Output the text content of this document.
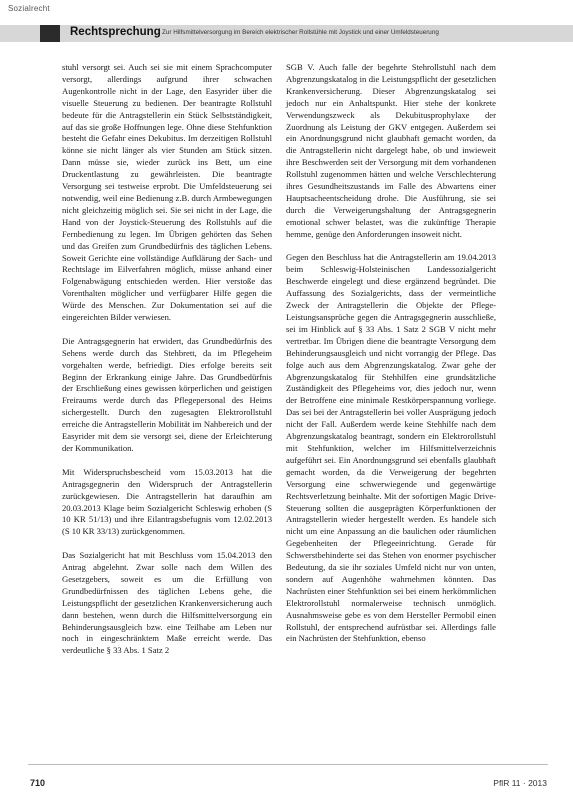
Sozialrecht
Rechtsprechung Zur Hilfsmittelversorgung im Bereich elektrischer Rollstühle mit Joystick und einer Umfeldsteuerung

stuhl versorgt sei. Auch sei sie mit einem Sprachcomputer versorgt, allerdings aufgrund ihrer schwachen Augenkontrolle nicht in der Lage, den Easyrider über die visuelle Steuerung zu bedienen. Der beantragte Rollstuhl bedeute für die Antragstellerin ein Stück Selbstständigkeit, auf das sie große Hoffnungen lege. Ohne diese Stehfunktion besteht die Gefahr eines Dekubitus. Im derzeitigen Rollstuhl könne sie nicht länger als vier Stunden am Stück sitzen. Dann müsse sie, wieder zurück ins Bett, um eine Druckentlastung zu gewährleisten. Die beantragte Versorgung sei testweise erprobt. Die Umfeldsteuerung sei notwendig, weil eine Bedienung z.B. durch Armbewegungen nicht gleichzeitig möglich sei. Sie sei nicht in der Lage, die Hand von der Joystick-Steuerung des Rollstuhls auf die Fernbedienung zu legen. Im Übrigen gehörten das Sehen und das Greifen zum Grundbedürfnis des täglichen Lebens. Soweit Gerichte eine vollständige Aufklärung der Sach- und Rechtslage im Eilverfahren möglich, müsse anhand einer Folgenabwägung entschieden werden. Hier verstoße das Vorenthalten möglicher und verfügbarer Hilfe gegen die Würde des Menschen. Zur Dokumentation sei auf die eingereichten Bilder verwiesen.

Die Antragsgegnerin hat erwidert, das Grundbedürfnis des Sehens werde durch das Stehbrett, da im Pflegeheim vorgehalten werde, befriedigt. Dies erfolge bereits seit Beginn der Erkrankung einige Jahre. Das Grundbedürfnis der Erschließung eines gewissen körperlichen und geistigen Freiraums werde durch das Pflegepersonal des Heims sichergestellt. Durch den zugesagten Elektrorollstuhl erreiche die Antragstellerin Mobilität im Nahbereich und der Easyrider mit dem sie versorgt sei, diene der Erleichterung der Kommunikation.

Mit Widerspruchsbescheid vom 15.03.2013 hat die Antragsgegnerin den Widerspruch der Antragstellerin zurückgewiesen. Die Antragstellerin hat daraufhin am 20.03.2013 Klage beim Sozialgericht Schleswig erhoben (S 10 KR 51/13) und ihre Eilantragsbefugnis vom 12.02.2013 (S 10 KR 33/13) zurückgenommen.

Das Sozialgericht hat mit Beschluss vom 15.04.2013 den Antrag abgelehnt. Zwar solle nach dem Willen des Gesetzgebers, soweit es um die Erfüllung von Grundbedürfnissen des täglichen Lebens gehe, die Leistungspflicht der gesetzlichen Krankenversicherung auch dann bestehen, wenn durch die Hilfsmittelversorgung ein Behinderungsausgleich bzw. eine Teilhabe am Leben nur noch in eingeschränktem Maße erreicht werde. Das verdeutliche § 33 Abs. 1 Satz 2

SGB V. Auch falle der begehrte Stehrollstuhl nach dem Abgrenzungskatalog in die Leistungspflicht der gesetzlichen Krankenversicherung. Dieser Abgrenzungskatalog sei jedoch nur ein Anhaltspunkt. Hier stehe der konkrete Verwendungszweck als Dekubitusprophylaxe der Zuordnung als Leistung der GKV entgegen. Außerdem sei ein Anordnungsgrund nicht glaubhaft gemacht worden, da die Antragstellerin nicht dargelegt habe, ob und inwieweit ihre Beschwerden seit der Versorgung mit dem vorhandenen Rollstuhl zugenommen hätten und welche Verschlechterung ihres Gesundheitszustands im Falle des Abwartens einer Hauptsacheentscheidung drohe. Die Ausführung, sie sei durch die Verweigerungshaltung der Antragsgegnerin emotional schwer belastet, was die zukünftige Therapie hemme, genüge den Anforderungen insoweit nicht.

Gegen den Beschluss hat die Antragstellerin am 19.04.2013 beim Schleswig-Holsteinischen Landessozialgericht Beschwerde eingelegt und diese ergänzend begründet. Die Auffassung des Sozialgerichts, dass der vermeintliche Zweck der Antragstellerin die Objekte der Pflege-Leistungsansprüche gegen die Antragsgegnerin ausschließe, sei im Hinblick auf § 33 Abs. 1 Satz 2 SGB V nicht mehr vertretbar. Im Übrigen diene die beantragte Versorgung dem Behinderungsausgleich und nicht vorrangig der Pflege. Das folge auch aus dem Abgrenzungskatalog. Zwar gehe der Abgrenzungskatalog für Stehhilfen eine grundsätzliche Zuständigkeit des Pflegeheims vor, dies jedoch nur, wenn der Betroffene eine minimale Restkörperspannung vorliege. Das sei bei der Antragstellerin bei voller Ausprägung jedoch nicht der Fall. Außerdem werde keine Stehhilfe nach dem Abgrenzungskatalog beantragt, sondern ein Elektrorollstuhl mit Stehfunktion, welcher im Hilfsmittelverzeichnis aufgeführt sei. Ein Anordnungsgrund sei ebenfalls glaubhaft gemacht worden, da die Verweigerung der begehrten Versorgung eine schwerwiegende und gegenwärtige Rechtsverletzung beinhalte. Mit der sofortigen Magic Drive-Steuerung sollten die ausgeprägten Körperfunktionen der Antragstellerin wieder hergestellt werden. Es handele sich nicht um eine Anpassung an die baulichen oder räumlichen Gegebenheiten der Pflegeeinrichtung. Gerade für Schwerstbehinderte sei das Stehen von enormer psychischer Bedeutung, da sie ihr soziales Umfeld nicht nur von unten, sondern auf Augenhöhe wahrnehmen könnten. Das Nachrüsten einer Stehfunktion sei bei einem herkömmlichen Elektrorollstuhl normalerweise technisch unmöglich. Ausnahmsweise gebe es von dem Hersteller Permobil einen Rollstuhl, der entsprechend aufrüstbar sei. Allerdings falle ein Nachrüsten der Stehfunktion, ebenso

710	PflR 11 · 2013
